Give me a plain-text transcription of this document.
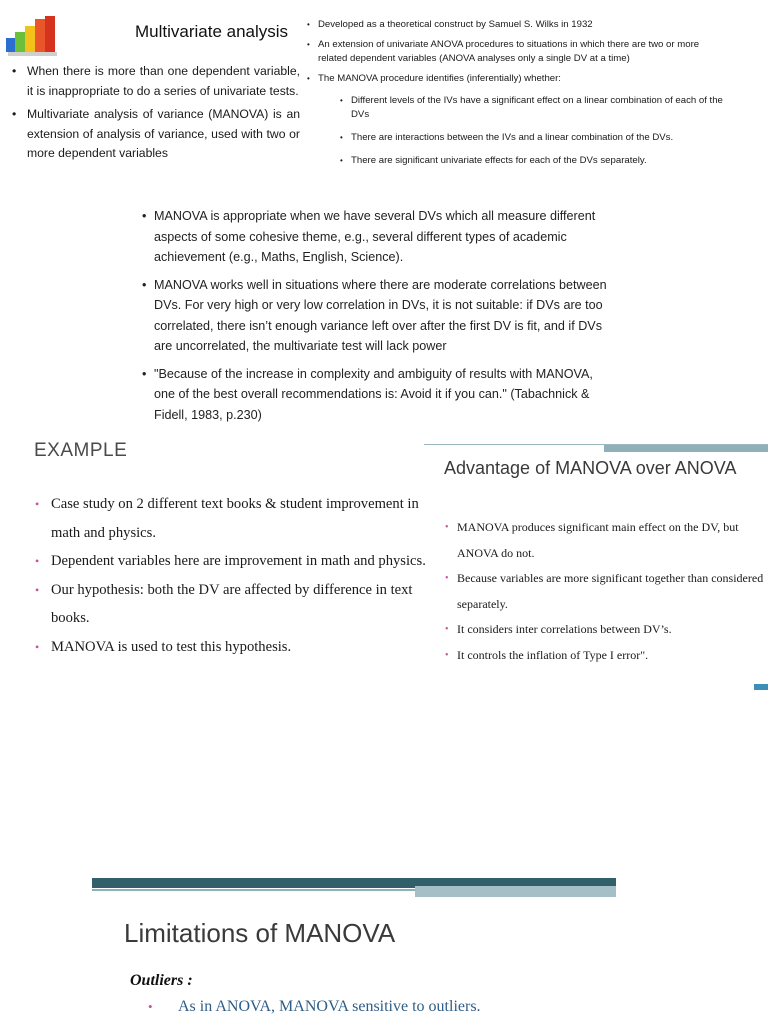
Multivariate analysis
• When there is more than one dependent variable, it is inappropriate to do a series of univariate tests.
• Multivariate analysis of variance (MANOVA) is an extension of analysis of variance, used with two or more dependent variables
• Developed as a theoretical construct by Samuel S. Wilks in 1932
• An extension of univariate ANOVA procedures to situations in which there are two or more related dependent variables (ANOVA analyses only a single DV at a time)
• The MANOVA procedure identifies (inferentially) whether:
• Different levels of the IVs have a significant effect on a linear combination of each of the DVs
• There are interactions between the IVs and a linear combination of the DVs.
• There are significant univariate effects for each of the DVs separately.
• MANOVA is appropriate when we have several DVs which all measure different aspects of some cohesive theme, e.g., several different types of academic achievement (e.g., Maths, English, Science).
• MANOVA works well in situations where there are moderate correlations between DVs. For very high or very low correlation in DVs, it is not suitable: if DVs are too correlated, there isn’t enough variance left over after the first DV is fit, and if DVs are uncorrelated, the multivariate test will lack power
• "Because of the increase in complexity and ambiguity of results with MANOVA, one of the best overall recommendations is: Avoid it if you can." (Tabachnick & Fidell, 1983, p.230)
EXAMPLE
• Case study on 2 different text books & student improvement in math and physics.
• Dependent variables here are improvement in math and physics.
• Our hypothesis: both the DV are affected by difference in text books.
• MANOVA is used to test this hypothesis.
Advantage of MANOVA over ANOVA
• MANOVA produces significant main effect on the DV, but ANOVA do not.
• Because variables are more significant together than considered separately.
• It considers inter correlations between DV’s.
• It controls the inflation of Type I error".
Limitations of MANOVA
Outliers :
• As in ANOVA, MANOVA sensitive to outliers.
